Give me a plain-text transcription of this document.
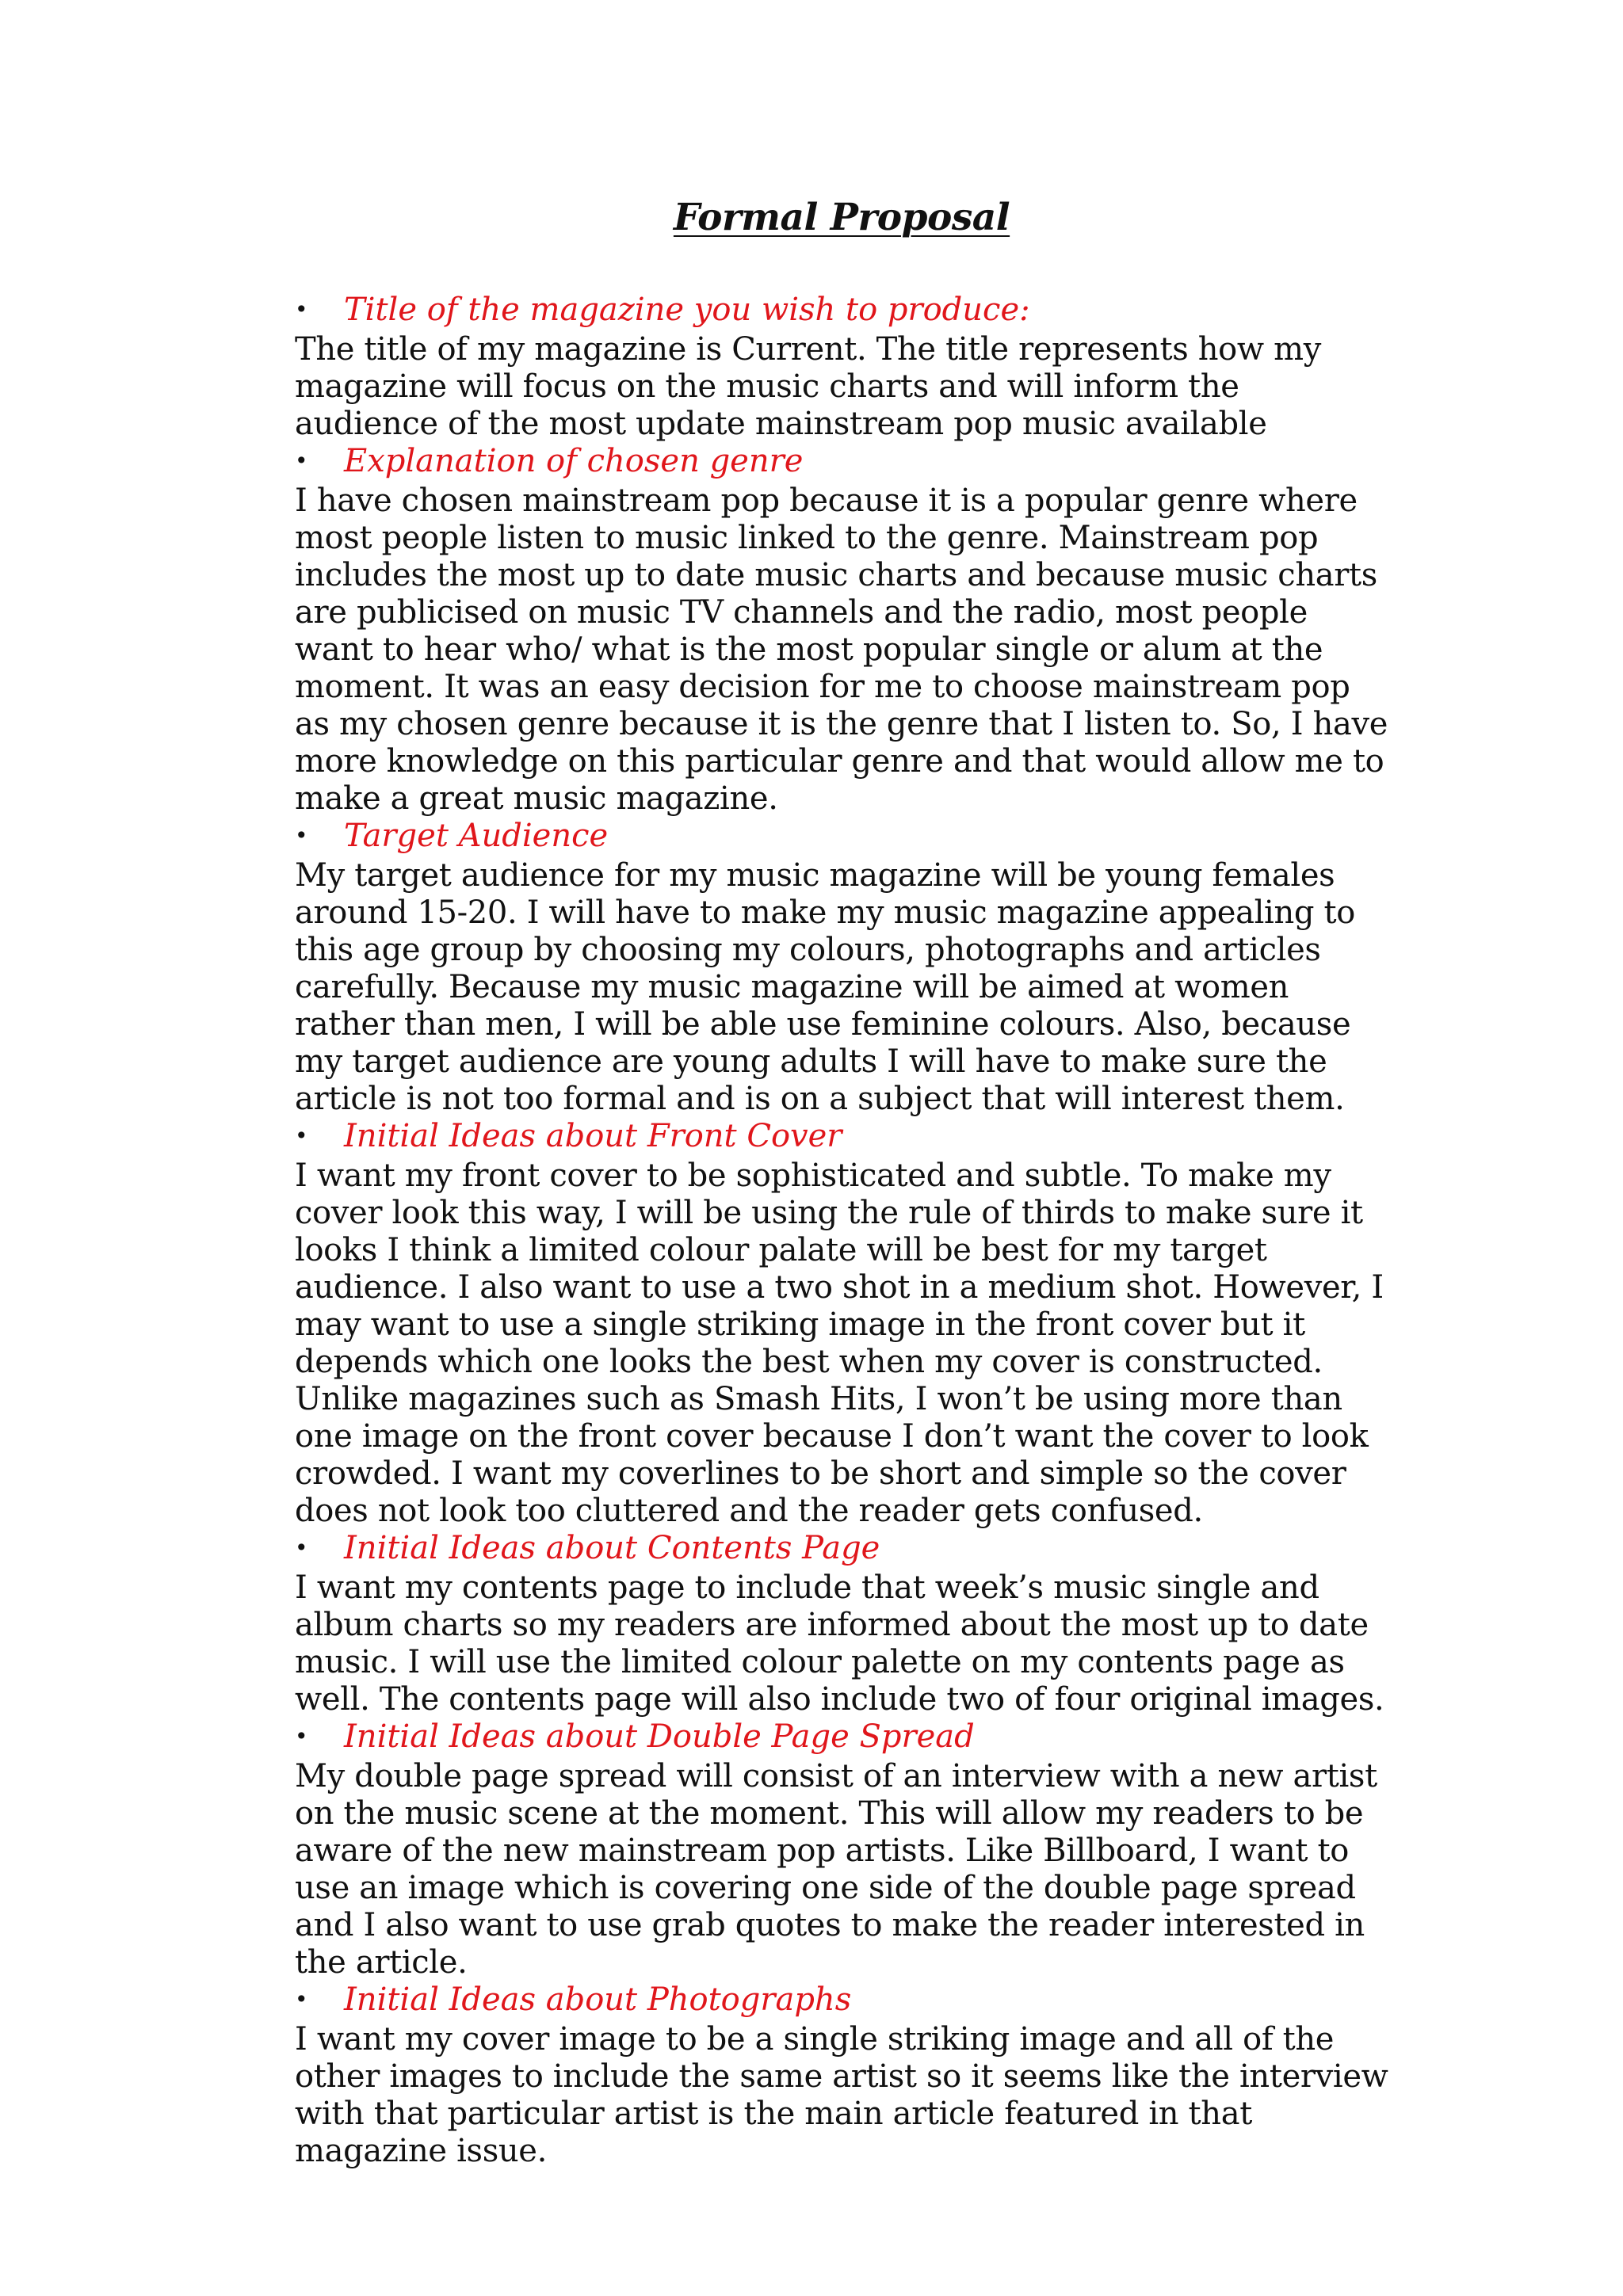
Formal Proposal
•	Title of the magazine you wish to produce:

The title of my magazine is Current. The title represents how my magazine will focus on the music charts and will inform the audience of the most update mainstream pop music available

•	Explanation of chosen genre

I have chosen mainstream pop because it is a popular genre where most people listen to music linked to the genre. Mainstream pop includes the most up to date music charts and because music charts are publicised on music TV channels and the radio, most people want to hear who/ what is the most popular single or alum at the moment. It was an easy decision for me to choose mainstream pop as my chosen genre because it is the genre that I listen to. So, I have more knowledge on this particular genre and that would allow me to make a great music magazine.

•	Target Audience

My target audience for my music magazine will be young females around 15-20. I will have to make my music magazine appealing to this age group by choosing my colours, photographs and articles carefully. Because my music magazine will be aimed at women rather than men, I will be able use feminine colours. Also, because my target audience are young adults I will have to make sure the article is not too formal and is on a subject that will interest them.

•	Initial Ideas about Front Cover

I want my front cover to be sophisticated and subtle. To make my cover look this way, I will be using the rule of thirds to make sure it looks I think a limited colour palate will be best for my target audience. I also want to use a two shot in a medium shot. However, I may want to use a single striking image in the front cover but it depends which one looks the best when my cover is constructed. Unlike magazines such as Smash Hits, I won’t be using more than one image on the front cover because I don’t want the cover to look crowded. I want my coverlines to be short and simple so the cover does not look too cluttered and the reader gets confused.

•	Initial Ideas about Contents Page

I want my contents page to include that week’s music single and album charts so my readers are informed about the most up to date music. I will use the limited colour palette on my contents page as well. The contents page will also include two of four original images.

•	Initial Ideas about Double Page Spread

My double page spread will consist of an interview with a new artist on the music scene at the moment. This will allow my readers to be aware of the new mainstream pop artists. Like Billboard, I want to use an image which is covering one side of the double page spread and I also want to use grab quotes to make the reader interested in the article.

•	Initial Ideas about Photographs

I want my cover image to be a single striking image and all of the other images to include the same artist so it seems like the interview with that particular artist is the main article featured in that magazine issue.
